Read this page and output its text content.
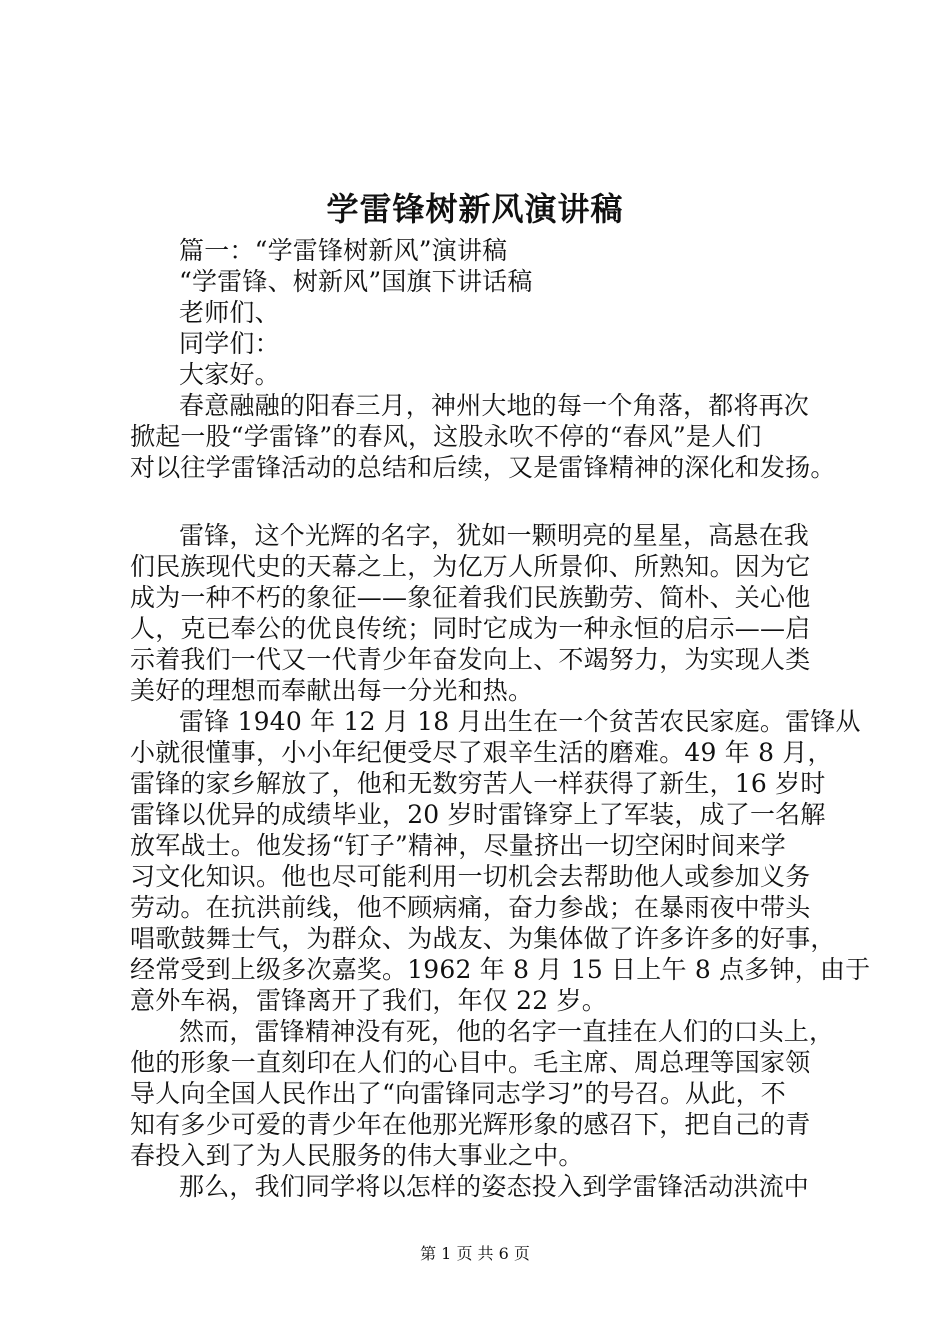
学雷锋树新风演讲稿

篇一：“学雷锋树新风”演讲稿

“学雷锋、树新风”国旗下讲话稿

老师们、

同学们：

大家好。

春意融融的阳春三月，神州大地的每一个角落，都将再次

掀起一股“学雷锋”的春风，这股永吹不停的“春风”是人们

对以往学雷锋活动的总结和后续，又是雷锋精神的深化和发扬。

雷锋，这个光辉的名字，犹如一颗明亮的星星，高悬在我

们民族现代史的天幕之上，为亿万人所景仰、所熟知。因为它

成为一种不朽的象征——象征着我们民族勤劳、简朴、关心他

人，克已奉公的优良传统；同时它成为一种永恒的启示——启

示着我们一代又一代青少年奋发向上、不竭努力，为实现人类

美好的理想而奉献出每一分光和热。

雷锋 1940 年 12 月 18 月出生在一个贫苦农民家庭。雷锋从

小就很懂事，小小年纪便受尽了艰辛生活的磨难。49 年 8 月，

雷锋的家乡解放了，他和无数穷苦人一样获得了新生，16 岁时

雷锋以优异的成绩毕业，20 岁时雷锋穿上了军装，成了一名解

放军战士。他发扬“钉子”精神，尽量挤出一切空闲时间来学

习文化知识。他也尽可能利用一切机会去帮助他人或参加义务

劳动。在抗洪前线，他不顾病痛，奋力参战；在暴雨夜中带头

唱歌鼓舞士气，为群众、为战友、为集体做了许多许多的好事，

经常受到上级多次嘉奖。1962 年 8 月 15 日上午 8 点多钟，由于

意外车祸，雷锋离开了我们，年仅 22 岁。

然而，雷锋精神没有死，他的名字一直挂在人们的口头上，

他的形象一直刻印在人们的心目中。毛主席、周总理等国家领

导人向全国人民作出了“向雷锋同志学习”的号召。从此，不

知有多少可爱的青少年在他那光辉形象的感召下，把自己的青

春投入到了为人民服务的伟大事业之中。

那么，我们同学将以怎样的姿态投入到学雷锋活动洪流中

第 1 页 共 6 页
